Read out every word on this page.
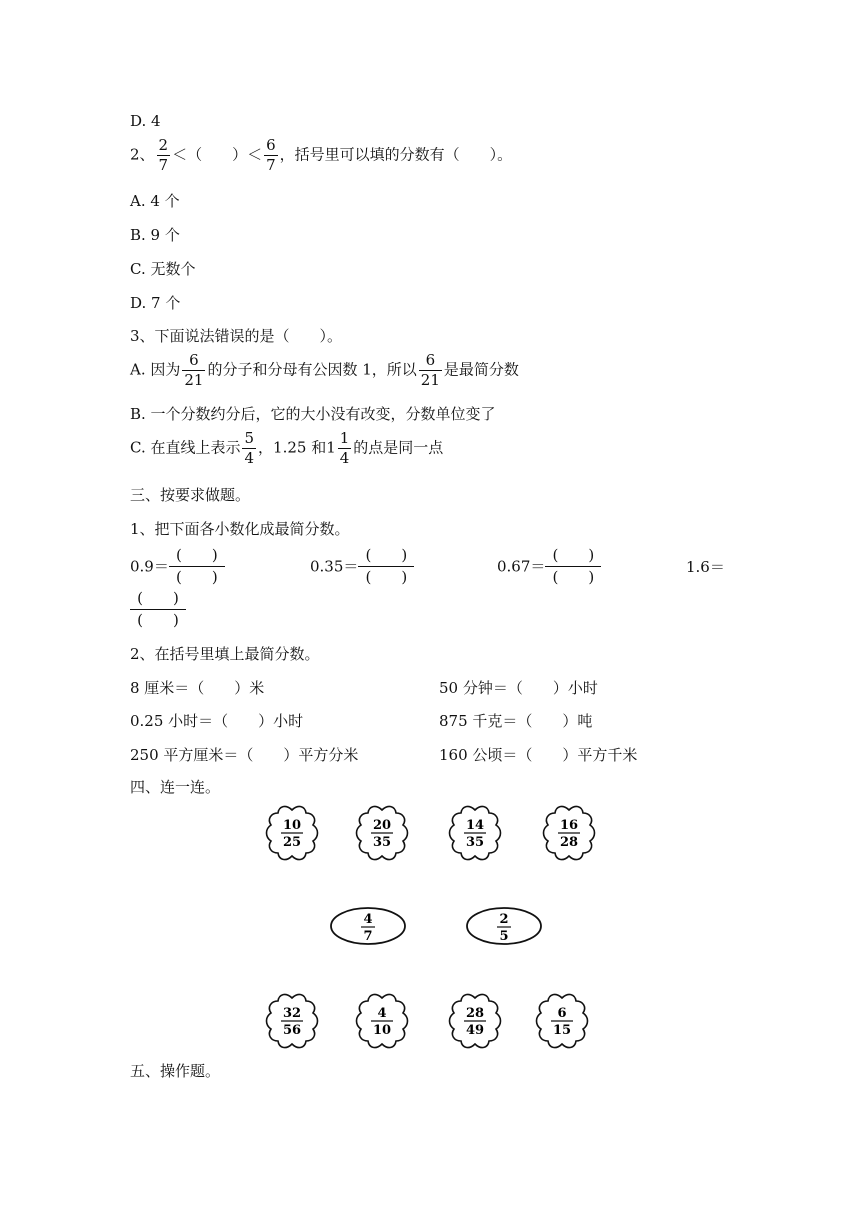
D. 4
2、 $\frac{2}{7}$ ＜（　　）＜ $\frac{6}{7}$ ，括号里可以填的分数有（　　）。
A. 4 个
B. 9 个
C. 无数个
D. 7 个
3、下面说法错误的是（　　）。
A. 因为 $\frac{6}{21}$ 的分子和分母有公因数 1，所以 $\frac{6}{21}$ 是最简分数
B. 一个分数约分后，它的大小没有改变，分数单位变了
C. 在直线上表示 $\frac{5}{4}$ ，1.25 和$1 \frac{1}{4}$ 的点是同一点
三、按要求做题。
1、把下面各小数化成最简分数。
$0.9= \frac{( )}{( )}$	$0.35= \frac{( )}{( )}$	$0.67= \frac{( )}{( )}$	1.6＝
$\frac{( )}{( )}$
2、在括号里填上最简分数。
8 厘米＝（　　）米	50 分钟＝（　　）小时
0.25 小时＝（　　）小时	875 千克＝（　　）吨
250 平方厘米＝（　　）平方分米	160 公顷＝（　　）平方千米
四、连一连。
10
25
20
35
14
35
16
28
4
7
2
5
32
56
4
10
28
49
6
15
五、操作题。
